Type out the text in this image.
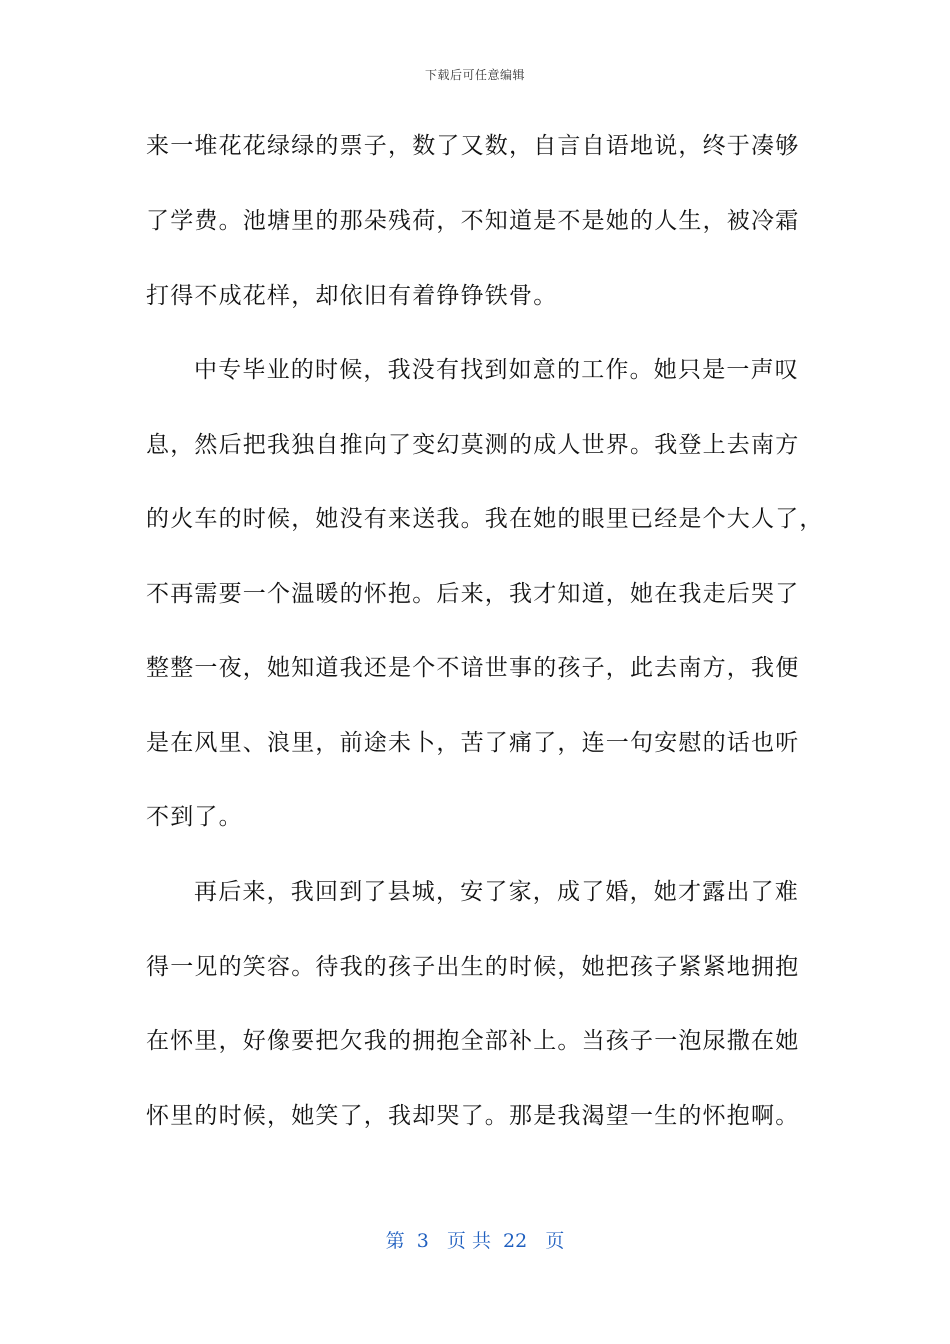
下载后可任意编辑
来一堆花花绿绿的票子，数了又数，自言自语地说，终于凑够
了学费。池塘里的那朵残荷，不知道是不是她的人生，被冷霜
打得不成花样，却依旧有着铮铮铁骨。
中专毕业的时候，我没有找到如意的工作。她只是一声叹
息，然后把我独自推向了变幻莫测的成人世界。我登上去南方
的火车的时候，她没有来送我。我在她的眼里已经是个大人了，
不再需要一个温暖的怀抱。后来，我才知道，她在我走后哭了
整整一夜，她知道我还是个不谙世事的孩子，此去南方，我便
是在风里、浪里，前途未卜，苦了痛了，连一句安慰的话也听
不到了。
再后来，我回到了县城，安了家，成了婚，她才露出了难
得一见的笑容。待我的孩子出生的时候，她把孩子紧紧地拥抱
在怀里，好像要把欠我的拥抱全部补上。当孩子一泡尿撒在她
怀里的时候，她笑了，我却哭了。那是我渴望一生的怀抱啊。
第  3   页 共  22   页
